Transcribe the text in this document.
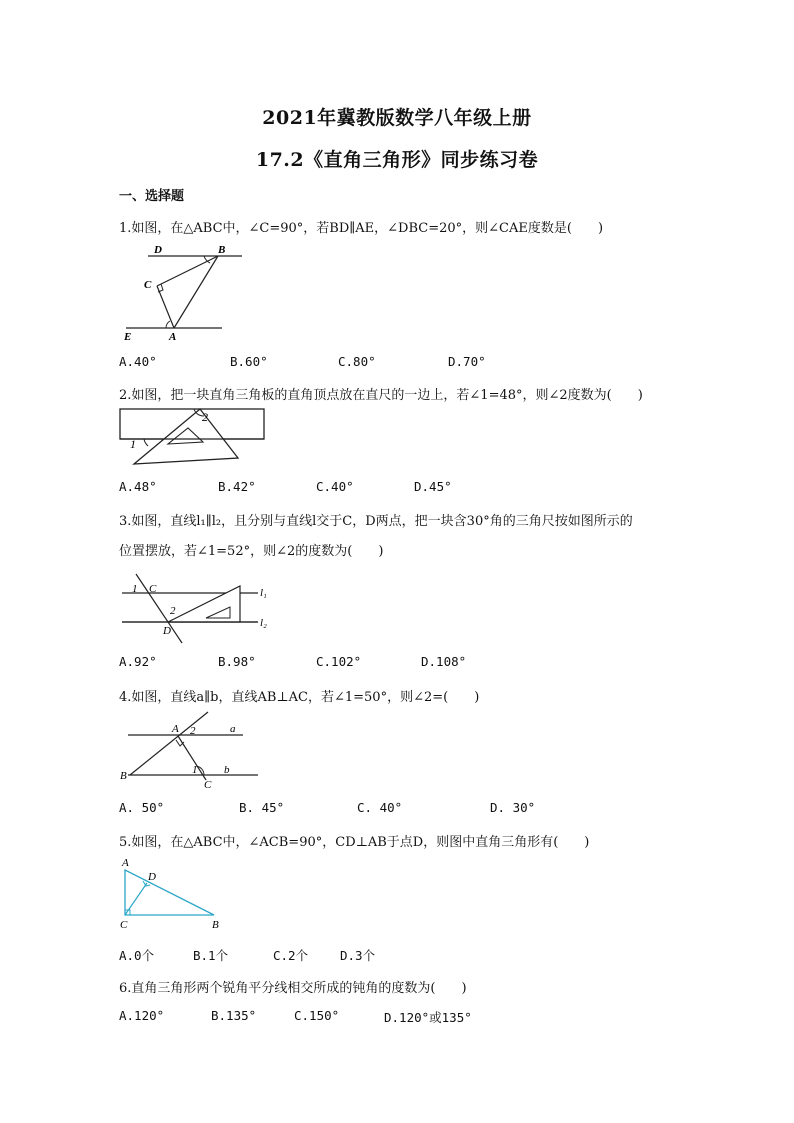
2021年冀教版数学八年级上册
17.2《直角三角形》同步练习卷
一、选择题
1.如图，在△ABC中，∠C=90°，若BD∥AE，∠DBC=20°，则∠CAE度数是(　　)
D	B
C
E	A
A.40°	B.60°	C.80°	D.70°
2.如图，把一块直角三角板的直角顶点放在直尺的一边上，若∠1=48°，则∠2度数为(　　)
1
2
A.48°	B.42°	C.40°	D.45°
3.如图，直线l₁∥l₂，且分别与直线l交于C，D两点，把一块含30°角的三角尺按如图所示的
位置摆放，若∠1=52°，则∠2的度数为(　　)
1 C
2
D
l₁
l₂
A.92°	B.98°	C.102°	D.108°
4.如图，直线a∥b，直线AB⊥AC，若∠1=50°，则∠2=(　　)
A 2	a
1 b
B
C
A. 50°	B. 45°	C. 40°	D. 30°
5.如图，在△ABC中，∠ACB=90°，CD⊥AB于点D，则图中直角三角形有(　　)
A
D
C	B
A.0个	B.1个	C.2个	D.3个
6.直角三角形两个锐角平分线相交所成的钝角的度数为(　　)
A.120°	B.135°	C.150°	D.120°或135°
